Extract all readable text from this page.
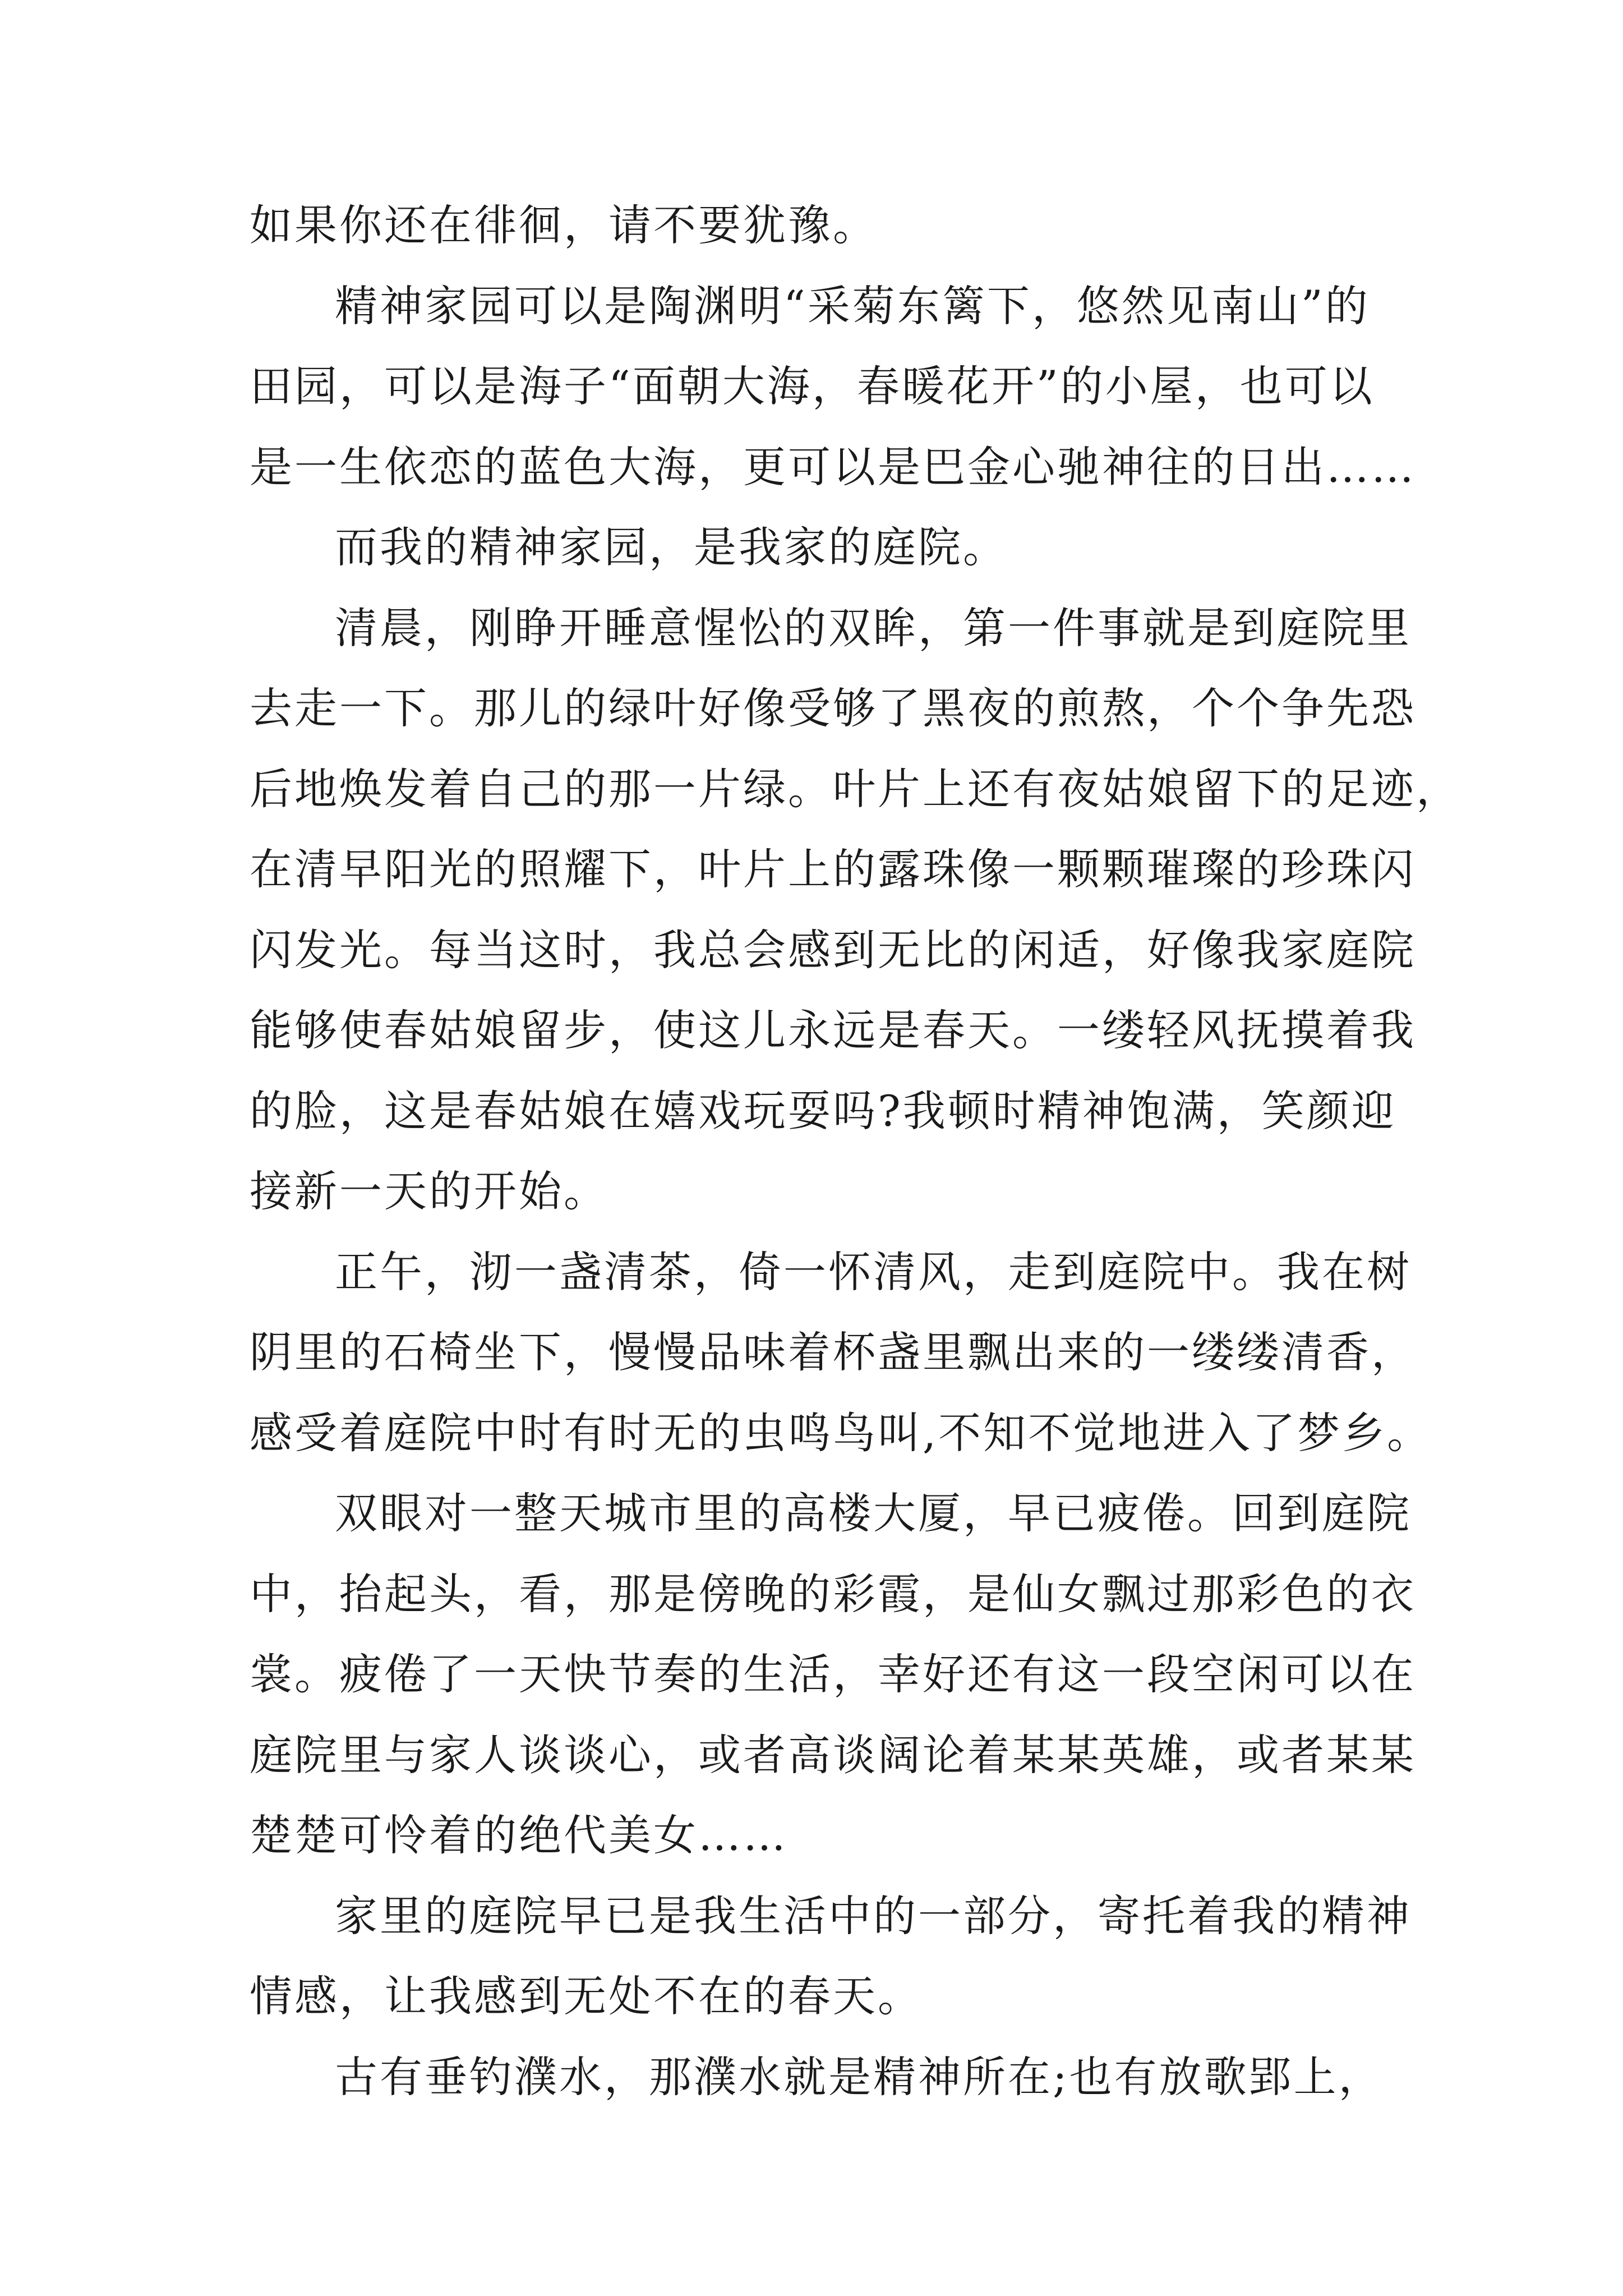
如果你还在徘徊，请不要犹豫。
精神家园可以是陶渊明“采菊东篱下，悠然见南山”的
田园，可以是海子“面朝大海，春暖花开”的小屋，也可以
是一生依恋的蓝色大海，更可以是巴金心驰神往的日出……
而我的精神家园，是我家的庭院。
清晨，刚睁开睡意惺忪的双眸，第一件事就是到庭院里
去走一下。那儿的绿叶好像受够了黑夜的煎熬，个个争先恐
后地焕发着自己的那一片绿。叶片上还有夜姑娘留下的足迹，
在清早阳光的照耀下，叶片上的露珠像一颗颗璀璨的珍珠闪
闪发光。每当这时，我总会感到无比的闲适，好像我家庭院
能够使春姑娘留步，使这儿永远是春天。一缕轻风抚摸着我
的脸，这是春姑娘在嬉戏玩耍吗?我顿时精神饱满，笑颜迎
接新一天的开始。
正午，沏一盏清茶，倚一怀清风，走到庭院中。我在树
阴里的石椅坐下，慢慢品味着杯盏里飘出来的一缕缕清香，
感受着庭院中时有时无的虫鸣鸟叫,不知不觉地进入了梦乡。
双眼对一整天城市里的高楼大厦，早已疲倦。回到庭院
中，抬起头，看，那是傍晚的彩霞，是仙女飘过那彩色的衣
裳。疲倦了一天快节奏的生活，幸好还有这一段空闲可以在
庭院里与家人谈谈心，或者高谈阔论着某某英雄，或者某某
楚楚可怜着的绝代美女……
家里的庭院早已是我生活中的一部分，寄托着我的精神
情感，让我感到无处不在的春天。
古有垂钓濮水，那濮水就是精神所在;也有放歌郢上，
